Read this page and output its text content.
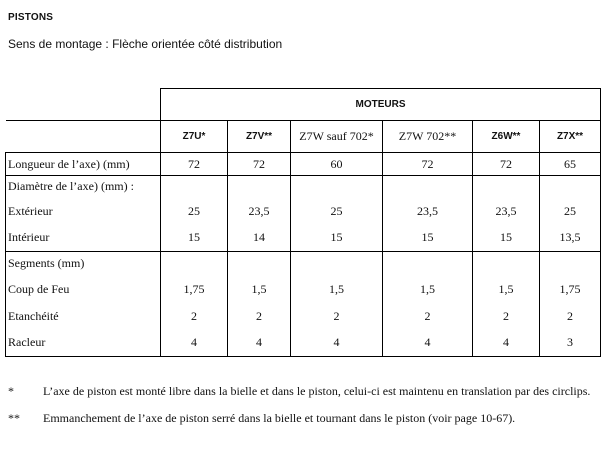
PISTONS
Sens de montage : Flèche orientée côté distribution
	MOTEURS					
	Z7U*	Z7V**	Z7W sauf 702*	Z7W 702**	Z6W**	Z7X**
Longueur de l’axe) (mm)	72	72	60	72	72	65
Diamètre de l’axe) (mm) :						
Extérieur	25	23,5	25	23,5	23,5	25
Intérieur	15	14	15	15	15	13,5
Segments (mm)						
Coup de Feu	1,75	1,5	1,5	1,5	1,5	1,75
Etanchéité	2	2	2	2	2	2
Racleur	4	4	4	4	4	3
* L’axe de piston est monté libre dans la bielle et dans le piston, celui-ci est maintenu en translation par des circlips.
** Emmanchement de l’axe de piston serré dans la bielle et tournant dans le piston (voir page 10-67).
